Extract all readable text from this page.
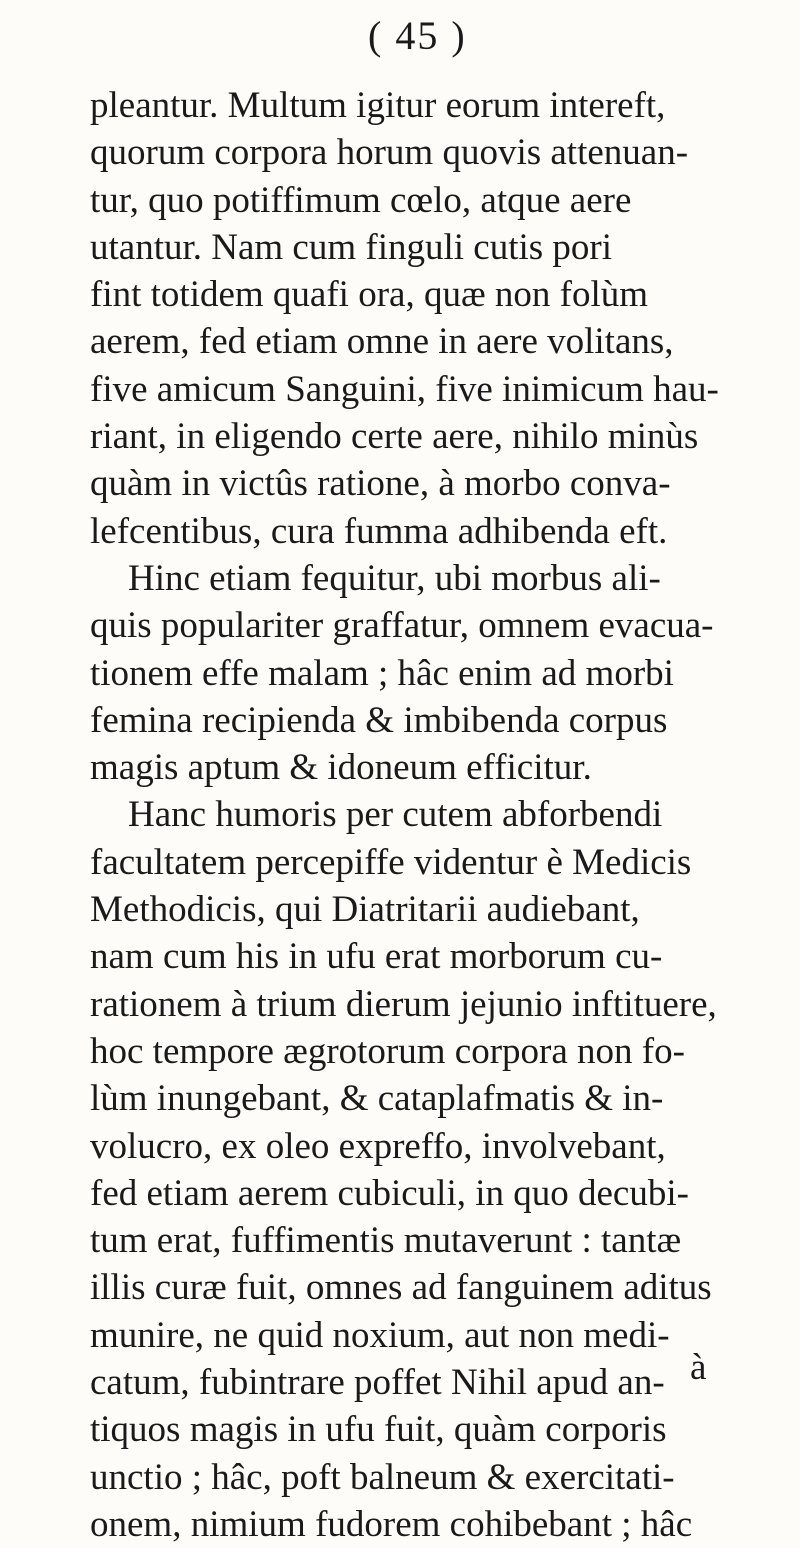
( 45 )
pleantur. Multum igitur eorum intereft,
quorum corpora horum quovis attenuan-
tur, quo potiffimum cœlo, atque aere
utantur. Nam cum finguli cutis pori
fint totidem quafi ora, quæ non folùm
aerem, fed etiam omne in aere volitans,
five amicum Sanguini, five inimicum hau-
riant, in eligendo certe aere, nihilo minùs
quàm in victûs ratione, à morbo conva-
lefcentibus, cura fumma adhibenda eft.
Hinc etiam fequitur, ubi morbus ali-
quis populariter graffatur, omnem evacua-
tionem effe malam ; hâc enim ad morbi
femina recipienda & imbibenda corpus
magis aptum & idoneum efficitur.
Hanc humoris per cutem abforbendi
facultatem percepiffe videntur è Medicis
Methodicis, qui Diatritarii audiebant,
nam cum his in ufu erat morborum cu-
rationem à trium dierum jejunio inftituere,
hoc tempore ægrotorum corpora non fo-
lùm inungebant, & cataplafmatis & in-
volucro, ex oleo expreffo, involvebant,
fed etiam aerem cubiculi, in quo decubi-
tum erat, fuffimentis mutaverunt : tantæ
illis curæ fuit, omnes ad fanguinem aditus
munire, ne quid noxium, aut non medi-
catum, fubintrare poffet Nihil apud an-
tiquos magis in ufu fuit, quàm corporis
unctio ; hâc, poft balneum & exercitati-
onem, nimium fudorem cohibebant ; hâc
à
